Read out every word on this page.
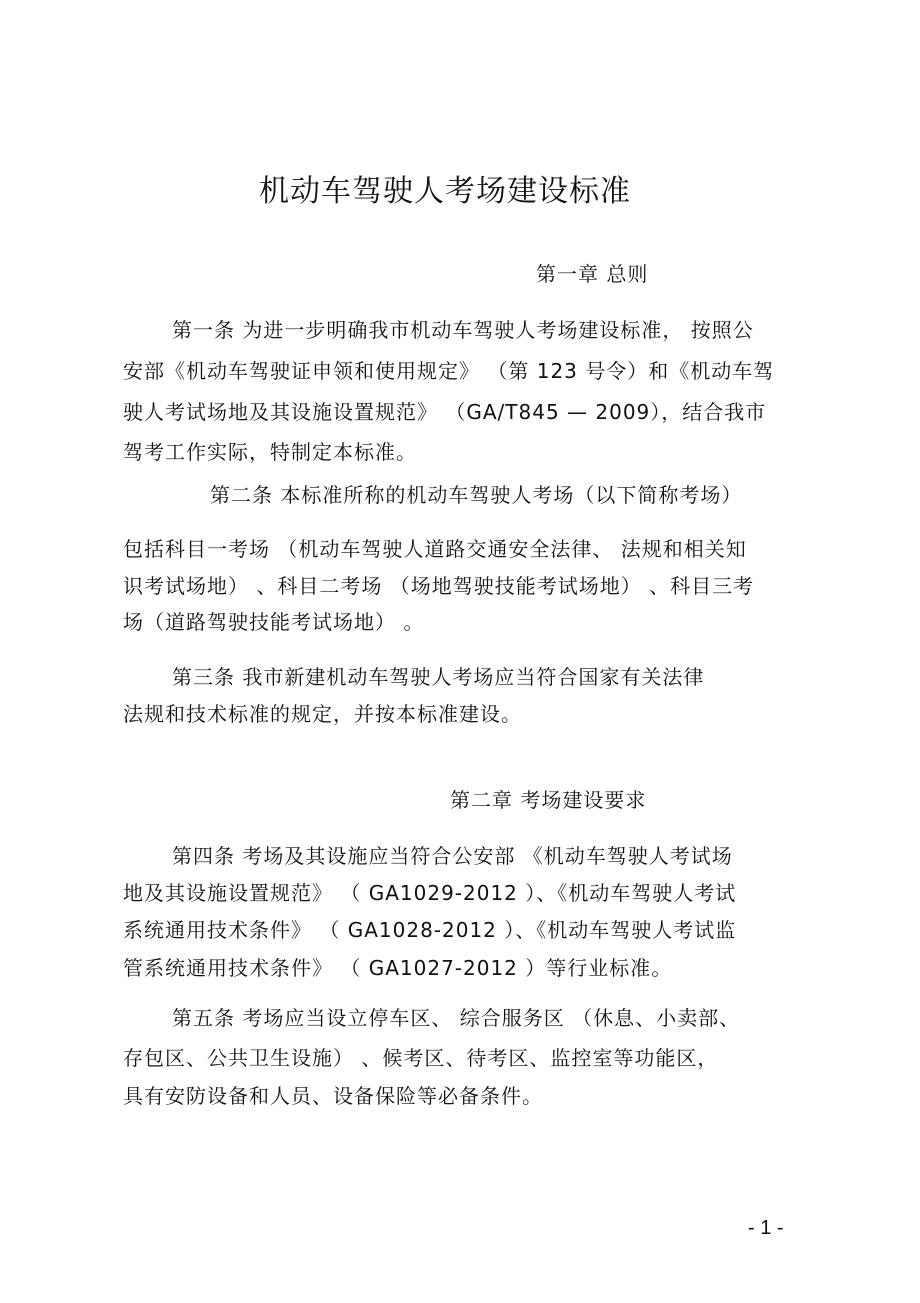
机动车驾驶人考场建设标准
第一章 总则
第一条 为进一步明确我市机动车驾驶人考场建设标准， 按照公
安部《机动车驾驶证申领和使用规定》 （第 123 号令）和《机动车驾
驶人考试场地及其设施设置规范》 （GA/T845 — 2009），结合我市
驾考工作实际，特制定本标准。
第二条 本标准所称的机动车驾驶人考场（以下简称考场）
包括科目一考场 （机动车驾驶人道路交通安全法律、 法规和相关知
识考试场地） 、科目二考场 （场地驾驶技能考试场地） 、科目三考
场（道路驾驶技能考试场地） 。
第三条 我市新建机动车驾驶人考场应当符合国家有关法律
法规和技术标准的规定，并按本标准建设。
第二章 考场建设要求
第四条 考场及其设施应当符合公安部 《机动车驾驶人考试场
地及其设施设置规范》 （ GA1029-2012 ）、《机动车驾驶人考试
系统通用技术条件》 （ GA1028-2012 ）、《机动车驾驶人考试监
管系统通用技术条件》 （ GA1027-2012 ）等行业标准。
第五条 考场应当设立停车区、 综合服务区 （休息、小卖部、
存包区、公共卫生设施） 、候考区、待考区、监控室等功能区，
具有安防设备和人员、设备保险等必备条件。
- 1 -
